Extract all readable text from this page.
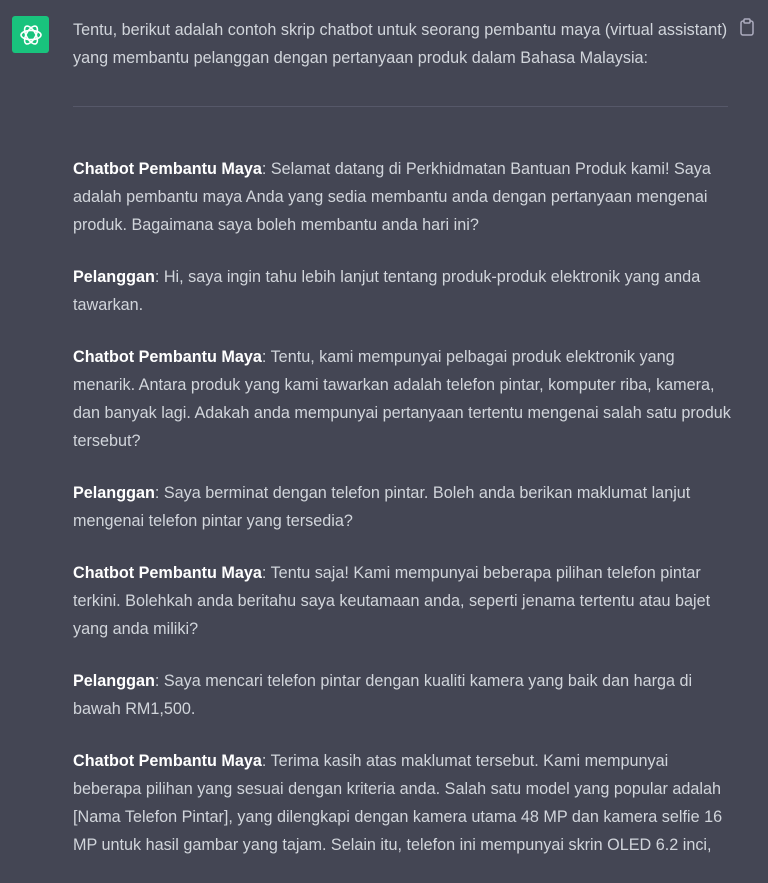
Tentu, berikut adalah contoh skrip chatbot untuk seorang pembantu maya (virtual assistant) yang membantu pelanggan dengan pertanyaan produk dalam Bahasa Malaysia:

Chatbot Pembantu Maya: Selamat datang di Perkhidmatan Bantuan Produk kami! Saya adalah pembantu maya Anda yang sedia membantu anda dengan pertanyaan mengenai produk. Bagaimana saya boleh membantu anda hari ini?

Pelanggan: Hi, saya ingin tahu lebih lanjut tentang produk-produk elektronik yang anda tawarkan.

Chatbot Pembantu Maya: Tentu, kami mempunyai pelbagai produk elektronik yang menarik. Antara produk yang kami tawarkan adalah telefon pintar, komputer riba, kamera, dan banyak lagi. Adakah anda mempunyai pertanyaan tertentu mengenai salah satu produk tersebut?

Pelanggan: Saya berminat dengan telefon pintar. Boleh anda berikan maklumat lanjut mengenai telefon pintar yang tersedia?

Chatbot Pembantu Maya: Tentu saja! Kami mempunyai beberapa pilihan telefon pintar terkini. Bolehkah anda beritahu saya keutamaan anda, seperti jenama tertentu atau bajet yang anda miliki?

Pelanggan: Saya mencari telefon pintar dengan kualiti kamera yang baik dan harga di bawah RM1,500.

Chatbot Pembantu Maya: Terima kasih atas maklumat tersebut. Kami mempunyai beberapa pilihan yang sesuai dengan kriteria anda. Salah satu model yang popular adalah [Nama Telefon Pintar], yang dilengkapi dengan kamera utama 48 MP dan kamera selfie 16 MP untuk hasil gambar yang tajam. Selain itu, telefon ini mempunyai skrin OLED 6.2 inci,
